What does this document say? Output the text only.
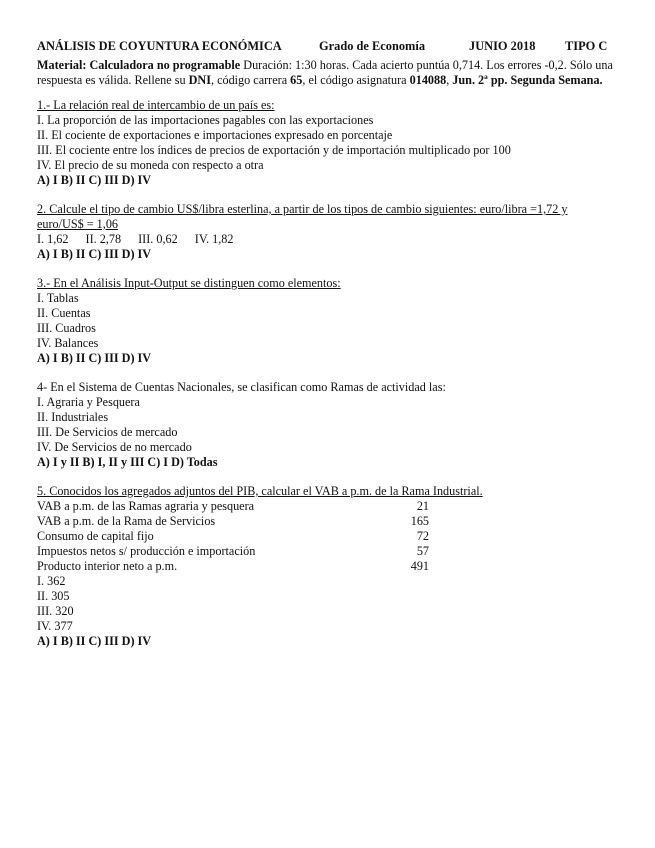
ANÁLISIS DE COYUNTURA ECONÓMICA	Grado de Economía	JUNIO 2018	TIPO C
Material: Calculadora no programable Duración: 1:30 horas. Cada acierto puntúa 0,714. Los errores -0,2. Sólo una respuesta es válida. Rellene su DNI, código carrera 65, el código asignatura 014088, Jun. 2ª pp. Segunda Semana.
1.- La relación real de intercambio de un país es:
I. La proporción de las importaciones pagables con las exportaciones
II. El cociente de exportaciones e importaciones expresado en porcentaje
III. El cociente entre los índices de precios de exportación y de importación multiplicado por 100
IV. El precio de su moneda con respecto a otra
A) I B) II C) III D) IV
2. Calcule el tipo de cambio US$/libra esterlina, a partir de los tipos de cambio siguientes: euro/libra =1,72 y
euro/US$ = 1,06
I. 1,62 II. 2,78 III. 0,62 IV. 1,82
A) I B) II C) III D) IV
3.- En el Análisis Input-Output se distinguen como elementos:
I. Tablas
II. Cuentas
III. Cuadros
IV. Balances
A) I B) II C) III D) IV
4- En el Sistema de Cuentas Nacionales, se clasifican como Ramas de actividad las:
I. Agraria y Pesquera
II. Industriales
III. De Servicios de mercado
IV. De Servicios de no mercado
A) I y II B) I, II y III C) I D) Todas
5. Conocidos los agregados adjuntos del PIB, calcular el VAB a p.m. de la Rama Industrial.
VAB a p.m. de las Ramas agraria y pesquera	21
VAB a p.m. de la Rama de Servicios	165
Consumo de capital fijo	72
Impuestos netos s/ producción e importación	57
Producto interior neto a p.m.	491
I. 362
II. 305
III. 320
IV. 377
A) I B) II C) III D) IV
